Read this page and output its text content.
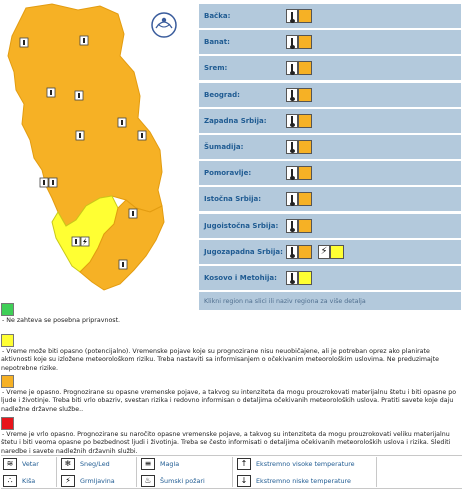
Bačka:
Banat:
Srem:
Beograd:
Zapadna Srbija:
Šumadija:
Pomoravlje:
Istočna Srbija:
Jugoistočna Srbija:
Jugozapadna Srbija:	⚡
Kosovo i Metohija:
Klikni region na slici ili naziv regiona za više detalja
- Ne zahteva se posebna pripravnost.
- Vreme može biti opasno (potencijalno). Vremenske pojave koje su prognozirane nisu neuobičajene, ali je potreban oprez ako planirate aktivnosti koje su izložene meteorološkom riziku. Treba nastaviti sa informisanjem o očekivanim meteorološkim uslovima. Ne preduzimajte nepotrebne rizike.
- Vreme je opasno. Prognozirane su opasne vremenske pojave, a takvog su intenziteta da mogu prouzrokovati materijalnu štetu i biti opasne po ljude i životinje. Treba biti vrlo obazriv, svestan rizika i redovno informisan o detaljima očekivanih meteoroloških uslova. Pratiti savete koje daju nadležne državne službe..
- Vreme je vrlo opasno. Prognozirane su naročito opasne vremenske pojave, a takvog su intenziteta da mogu prouzrokovati veliku materijalnu štetu i biti veoma opasne po bezbednost ljudi i životinja. Treba se često informisati o detaljima očekivanih meteoroloških uslova i rizika. Slediti naredbe i savete nadležnih državnih službi.
≋	Vetar	❄	Sneg/Led	≡	Magla	↑	Ekstremno visoke temperature
∴	Kiša	⚡	Grmljavina	♨	Šumski požari	↓	Ekstremno niske temperature
